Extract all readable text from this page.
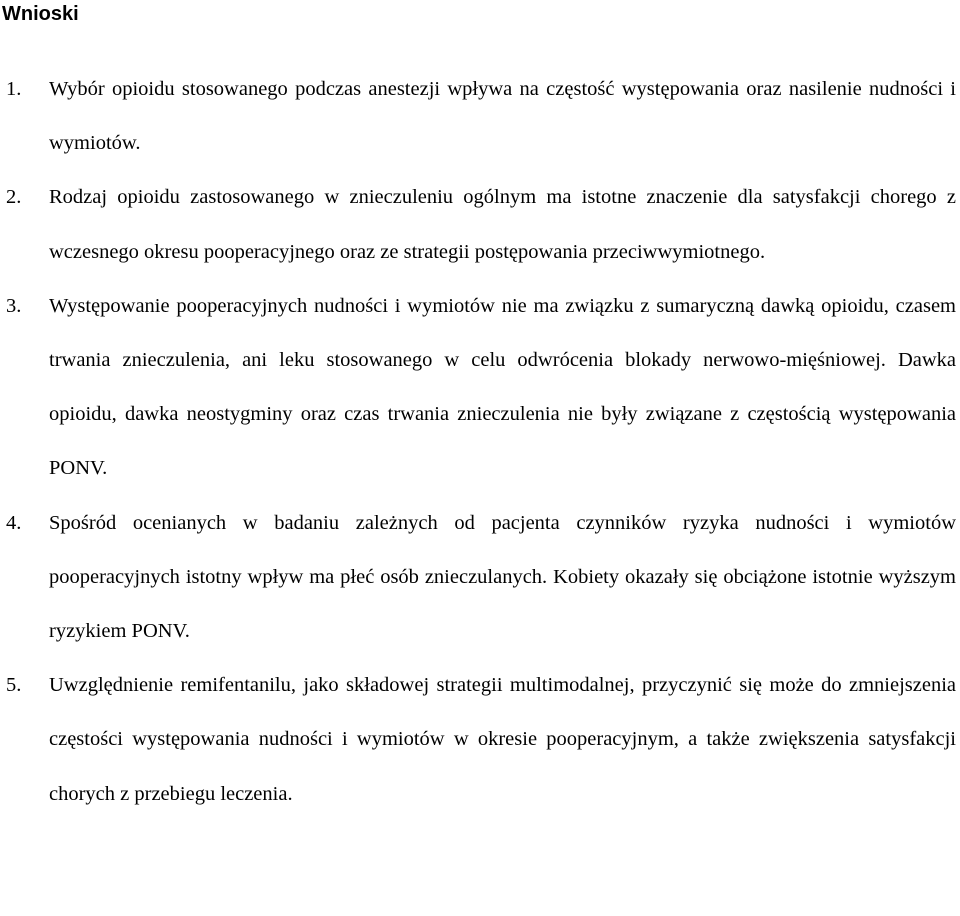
Wnioski
1. Wybór opioidu stosowanego podczas anestezji wpływa na częstość występowania oraz nasilenie nudności i wymiotów.
2. Rodzaj opioidu zastosowanego w znieczuleniu ogólnym ma istotne znaczenie dla satysfakcji chorego z wczesnego okresu pooperacyjnego oraz ze strategii postępowania przeciwwymiotnego.
3. Występowanie pooperacyjnych nudności i wymiotów nie ma związku z sumaryczną dawką opioidu, czasem trwania znieczulenia, ani leku stosowanego w celu odwrócenia blokady nerwowo-mięśniowej. Dawka opioidu, dawka neostygminy oraz czas trwania znieczulenia nie były związane z częstością występowania PONV.
4. Spośród ocenianych w badaniu zależnych od pacjenta czynników ryzyka nudności i wymiotów pooperacyjnych istotny wpływ ma płeć osób znieczulanych. Kobiety okazały się obciążone istotnie wyższym ryzykiem PONV.
5. Uwzględnienie remifentanilu, jako składowej strategii multimodalnej, przyczynić się może do zmniejszenia częstości występowania nudności i wymiotów w okresie pooperacyjnym, a także zwiększenia satysfakcji chorych z przebiegu leczenia.
